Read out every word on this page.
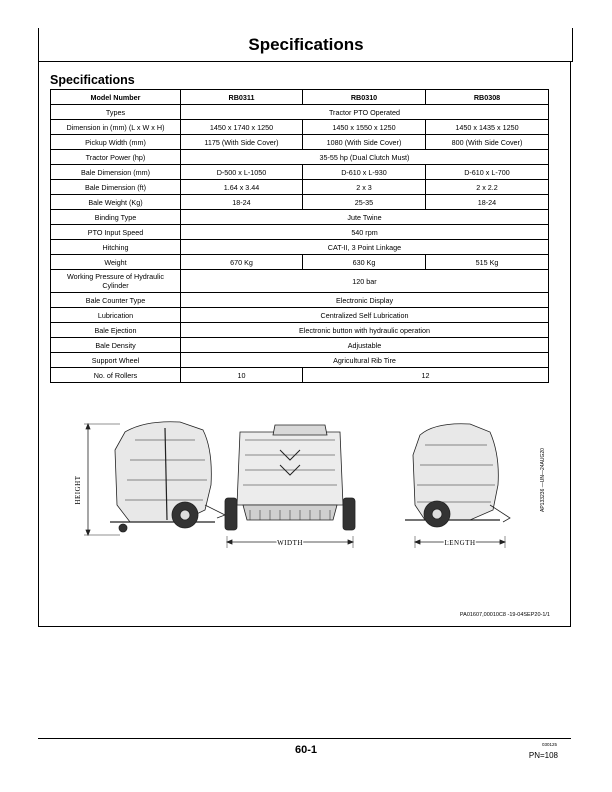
Specifications
Specifications
Model Number	RB0311	RB0310	RB0308
Types	Tractor PTO Operated		
Dimension in (mm) (L x W x H)	1450 x 1740 x 1250	1450 x 1550 x 1250	1450 x 1435 x 1250
Pickup Width (mm)	1175 (With Side Cover)	1080 (With Side Cover)	800 (With Side Cover)
Tractor Power (hp)	35-55 hp (Dual Clutch Must)		
Bale Dimension (mm)	D-500 x L-1050	D-610 x L-930	D-610 x L-700
Bale Dimension (ft)	1.64 x 3.44	2 x 3	2 x 2.2
Bale Weight (Kg)	18-24	25-35	18-24
Binding Type	Jute Twine		
PTO Input Speed	540 rpm		
Hitching	CAT-II, 3 Point Linkage		
Weight	670 Kg	630 Kg	515 Kg
Working Pressure of Hydraulic Cylinder	120 bar		
Bale Counter Type	Electronic Display		
Lubrication	Centralized Self Lubrication		
Bale Ejection	Electronic button with hydraulic operation		
Bale Density	Adjustable		
Support Wheel	Agricultural Rib Tire		
No. of Rollers	10	12	
HEIGHT
WIDTH	LENGTH
AP133236 —UN—24AUG20
PA01607,00010C8 -19-04SEP20-1/1
60-1	030125
PN=108
